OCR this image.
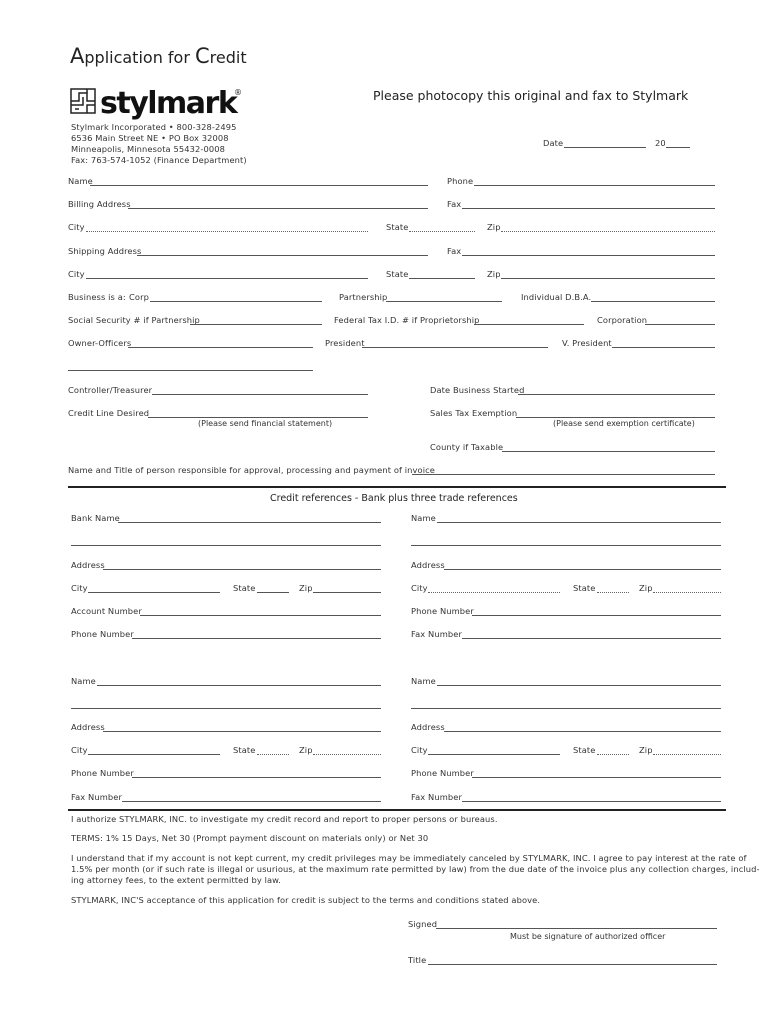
Application for Credit
stylmark
®	Please photocopy this original and fax to Stylmark
Stylmark Incorporated • 800-328-2495
6536 Main Street NE • PO Box 32008
Minneapolis, Minnesota 55432-0008
Fax: 763-574-1052 (Finance Department)
Date	20
Name	Phone
Billing Address	Fax
City	State	Zip
Shipping Address	Fax
City	State	Zip
Business is a: Corp	Partnership	Individual D.B.A.
Social Security # if Partnership	Federal Tax I.D. # if Proprietorship	Corporation
Owner-Officers	President	V. President
Controller/Treasurer	Date Business Started
Credit Line Desired	Sales Tax Exemption
(Please send financial statement)	(Please send exemption certificate)
County if Taxable
Name and Title of person responsible for approval, processing and payment of invoice
Credit references - Bank plus three trade references
Bank Name
Address
City	State	Zip
Account Number
Phone Number
Name
Address
City	State	Zip
Phone Number
Fax Number
Name
Address
City	State	Zip
Phone Number
Fax Number
Name
Address
City	State	Zip
Phone Number
Fax Number
I authorize STYLMARK, INC. to investigate my credit record and report to proper persons or bureaus.
TERMS: 1% 15 Days, Net 30 (Prompt payment discount on materials only) or Net 30
I understand that if my account is not kept current, my credit privileges may be immediately canceled by STYLMARK, INC. I agree to pay interest at the rate of
1.5% per month (or if such rate is illegal or usurious, at the maximum rate permitted by law) from the due date of the invoice plus any collection charges, includ-
ing attorney fees, to the extent permitted by law.
STYLMARK, INC'S acceptance of this application for credit is subject to the terms and conditions stated above.
Signed
Must be signature of authorized officer
Title
